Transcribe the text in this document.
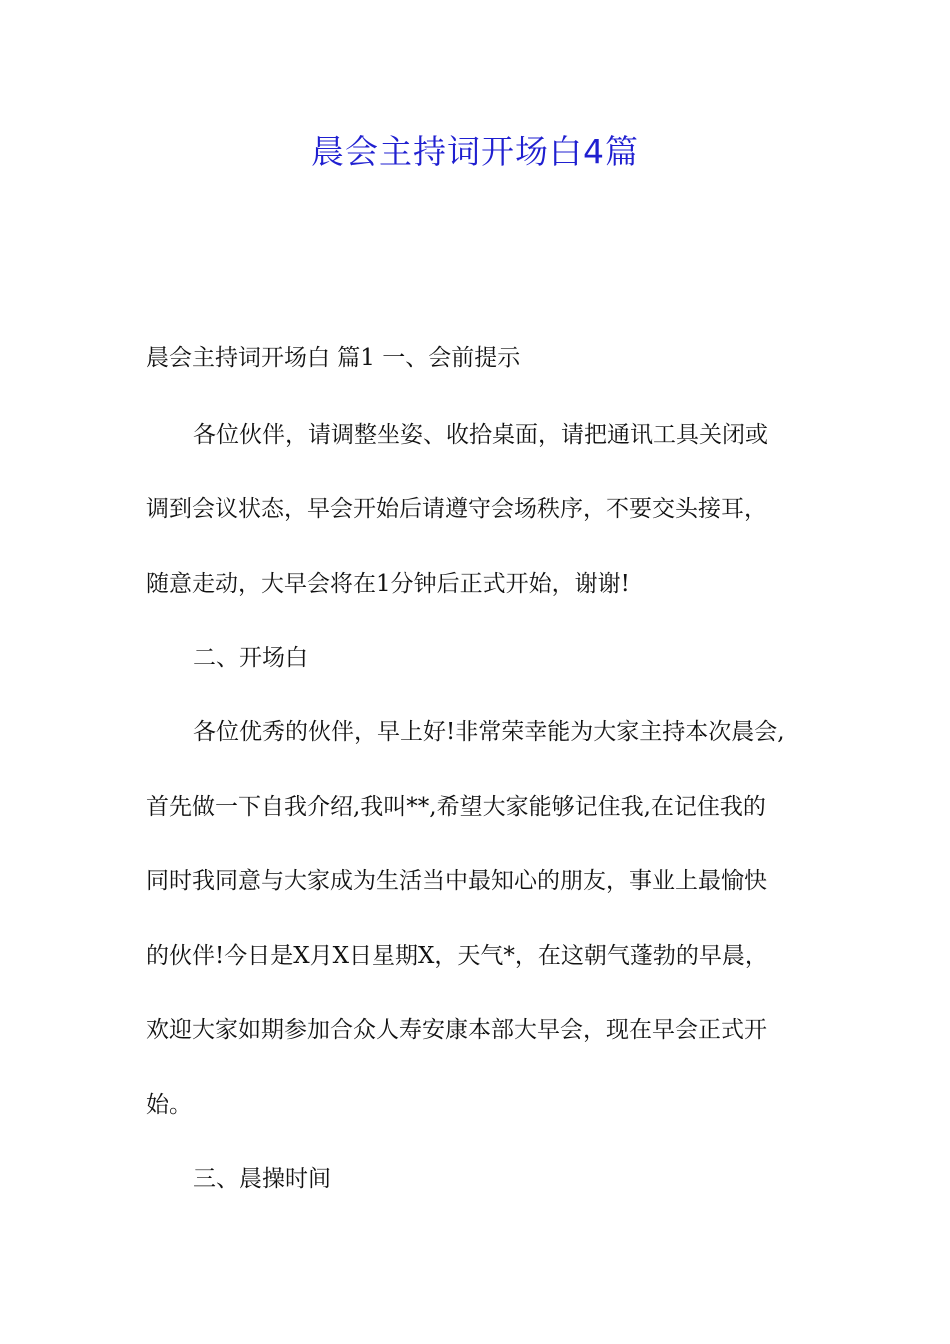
晨会主持词开场白4篇
晨会主持词开场白 篇1 一、会前提示
各位伙伴，请调整坐姿、收拾桌面，请把通讯工具关闭或
调到会议状态，早会开始后请遵守会场秩序，不要交头接耳，
随意走动，大早会将在1分钟后正式开始，谢谢!
二、开场白
各位优秀的伙伴，早上好!非常荣幸能为大家主持本次晨会,
首先做一下自我介绍,我叫**,希望大家能够记住我,在记住我的
同时我同意与大家成为生活当中最知心的朋友，事业上最愉快
的伙伴!今日是X月X日星期X，天气*，在这朝气蓬勃的早晨，
欢迎大家如期参加合众人寿安康本部大早会，现在早会正式开
始。
三、晨操时间
